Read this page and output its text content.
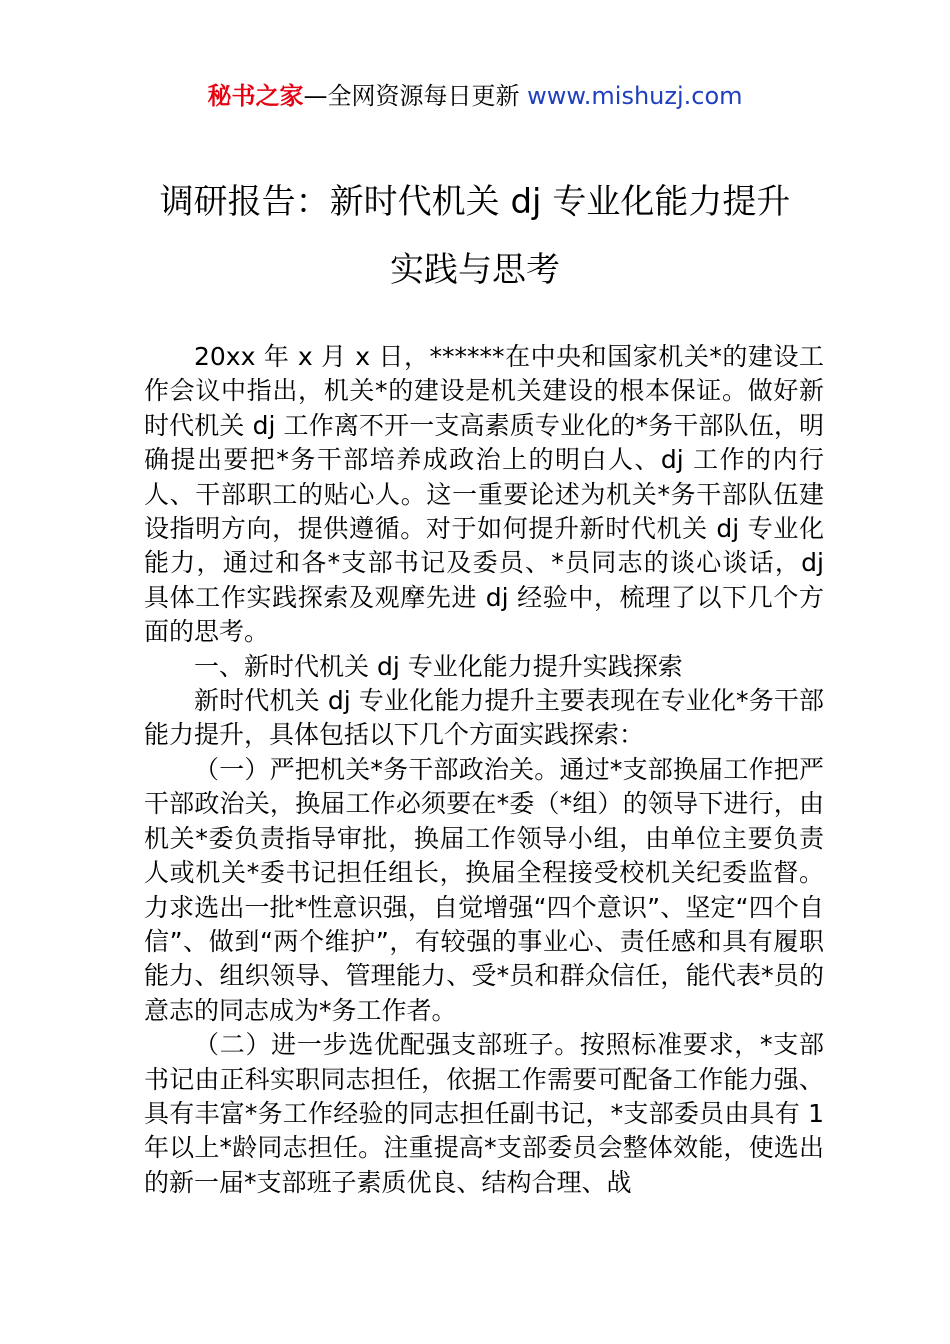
秘书之家—全网资源每日更新 www.mishuzj.com
调研报告：新时代机关 dj 专业化能力提升
实践与思考

20xx 年 x 月 x 日，******在中央和国家机关*的建设工作会议中指出，机关*的建设是机关建设的根本保证。做好新时代机关 dj 工作离不开一支高素质专业化的*务干部队伍，明确提出要把*务干部培养成政治上的明白人、dj 工作的内行人、干部职工的贴心人。这一重要论述为机关*务干部队伍建设指明方向，提供遵循。对于如何提升新时代机关 dj 专业化能力，通过和各*支部书记及委员、*员同志的谈心谈话，dj 具体工作实践探索及观摩先进 dj 经验中，梳理了以下几个方面的思考。

一、新时代机关 dj 专业化能力提升实践探索

新时代机关 dj 专业化能力提升主要表现在专业化*务干部能力提升，具体包括以下几个方面实践探索：

（一）严把机关*务干部政治关。通过*支部换届工作把严干部政治关，换届工作必须要在*委（*组）的领导下进行，由机关*委负责指导审批，换届工作领导小组，由单位主要负责人或机关*委书记担任组长，换届全程接受校机关纪委监督。力求选出一批*性意识强，自觉增强“四个意识”、坚定“四个自信”、做到“两个维护”，有较强的事业心、责任感和具有履职能力、组织领导、管理能力、受*员和群众信任，能代表*员的意志的同志成为*务工作者。

（二）进一步选优配强支部班子。按照标准要求，*支部书记由正科实职同志担任，依据工作需要可配备工作能力强、具有丰富*务工作经验的同志担任副书记，*支部委员由具有 1 年以上*龄同志担任。注重提高*支部委员会整体效能，使选出的新一届*支部班子素质优良、结构合理、战
